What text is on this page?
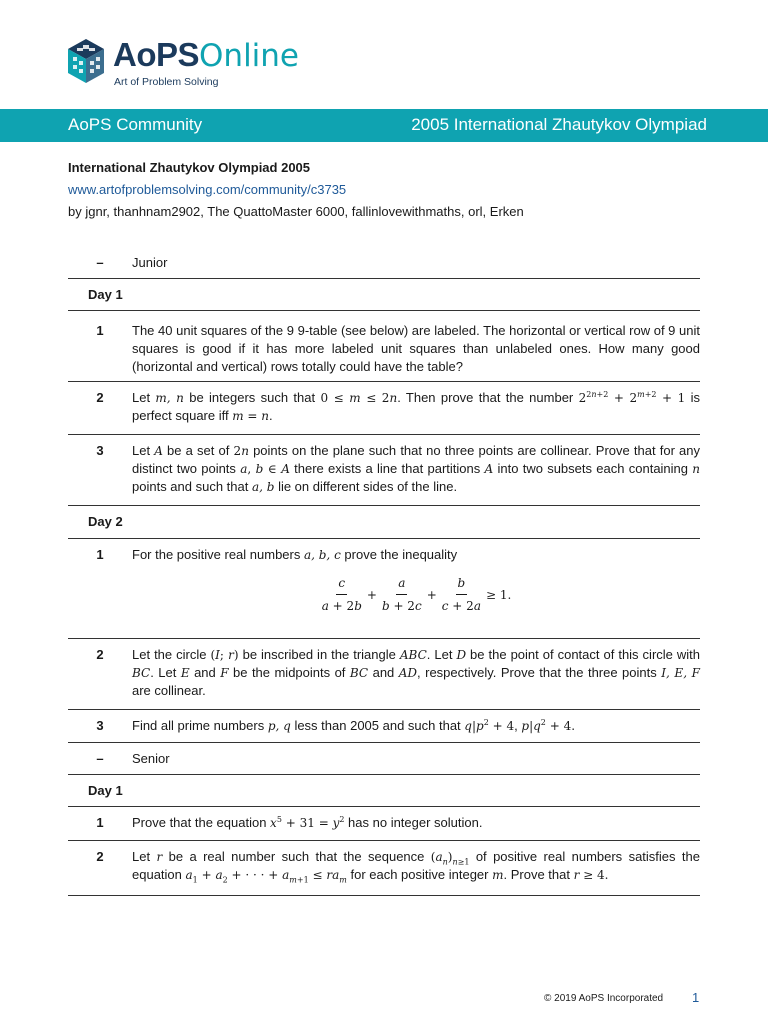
AoPSOnline
Art of Problem Solving
AoPS Community	2005 International Zhautykov Olympiad
International Zhautykov Olympiad 2005
www.artofproblemsolving.com/community/c3735
by jgnr, thanhnam2902, The QuattoMaster 6000, fallinlovewithmaths, orl, Erken
–	Junior
Day 1
1	The 40 unit squares of the 9 9-table (see below) are labeled. The horizontal or vertical row of 9 unit squares is good if it has more labeled unit squares than unlabeled ones. How many good (horizontal and vertical) rows totally could have the table?
2	Let m, n be integers such that 0 ≤ m ≤ 2n. Then prove that the number $2^{2n+2} + 2^{m+2} + 1$ is perfect square iff m = n.
3	Let A be a set of 2n points on the plane such that no three points are collinear. Prove that for any distinct two points a, b ∈ A there exists a line that partitions A into two subsets each containing n points and such that a, b lie on different sides of the line.
Day 2
1	For the positive real numbers a, b, c prove the inequality
$\frac{c}{a + 2b} + \frac{a}{b + 2c} + \frac{b}{c + 2a} \ge 1$.
2	Let the circle (I; r) be inscribed in the triangle ABC. Let D be the point of contact of this circle with BC. Let E and F be the midpoints of BC and AD, respectively. Prove that the three points I, E, F are collinear.
3	Find all prime numbers p, q less than 2005 and such that $q|p^2 + 4$, $p|q^2 + 4$.
–	Senior
Day 1
1	Prove that the equation $x^5 + 31 = y^2$ has no integer solution.
2	Let r be a real number such that the sequence $(a_n)_{n\ge 1}$ of positive real numbers satisfies the equation $a_1 + a_2$ + · · · + $a_{m+1} \le ra_m$ for each positive integer m. Prove that r ≥ 4.
© 2019 AoPS Incorporated 1
